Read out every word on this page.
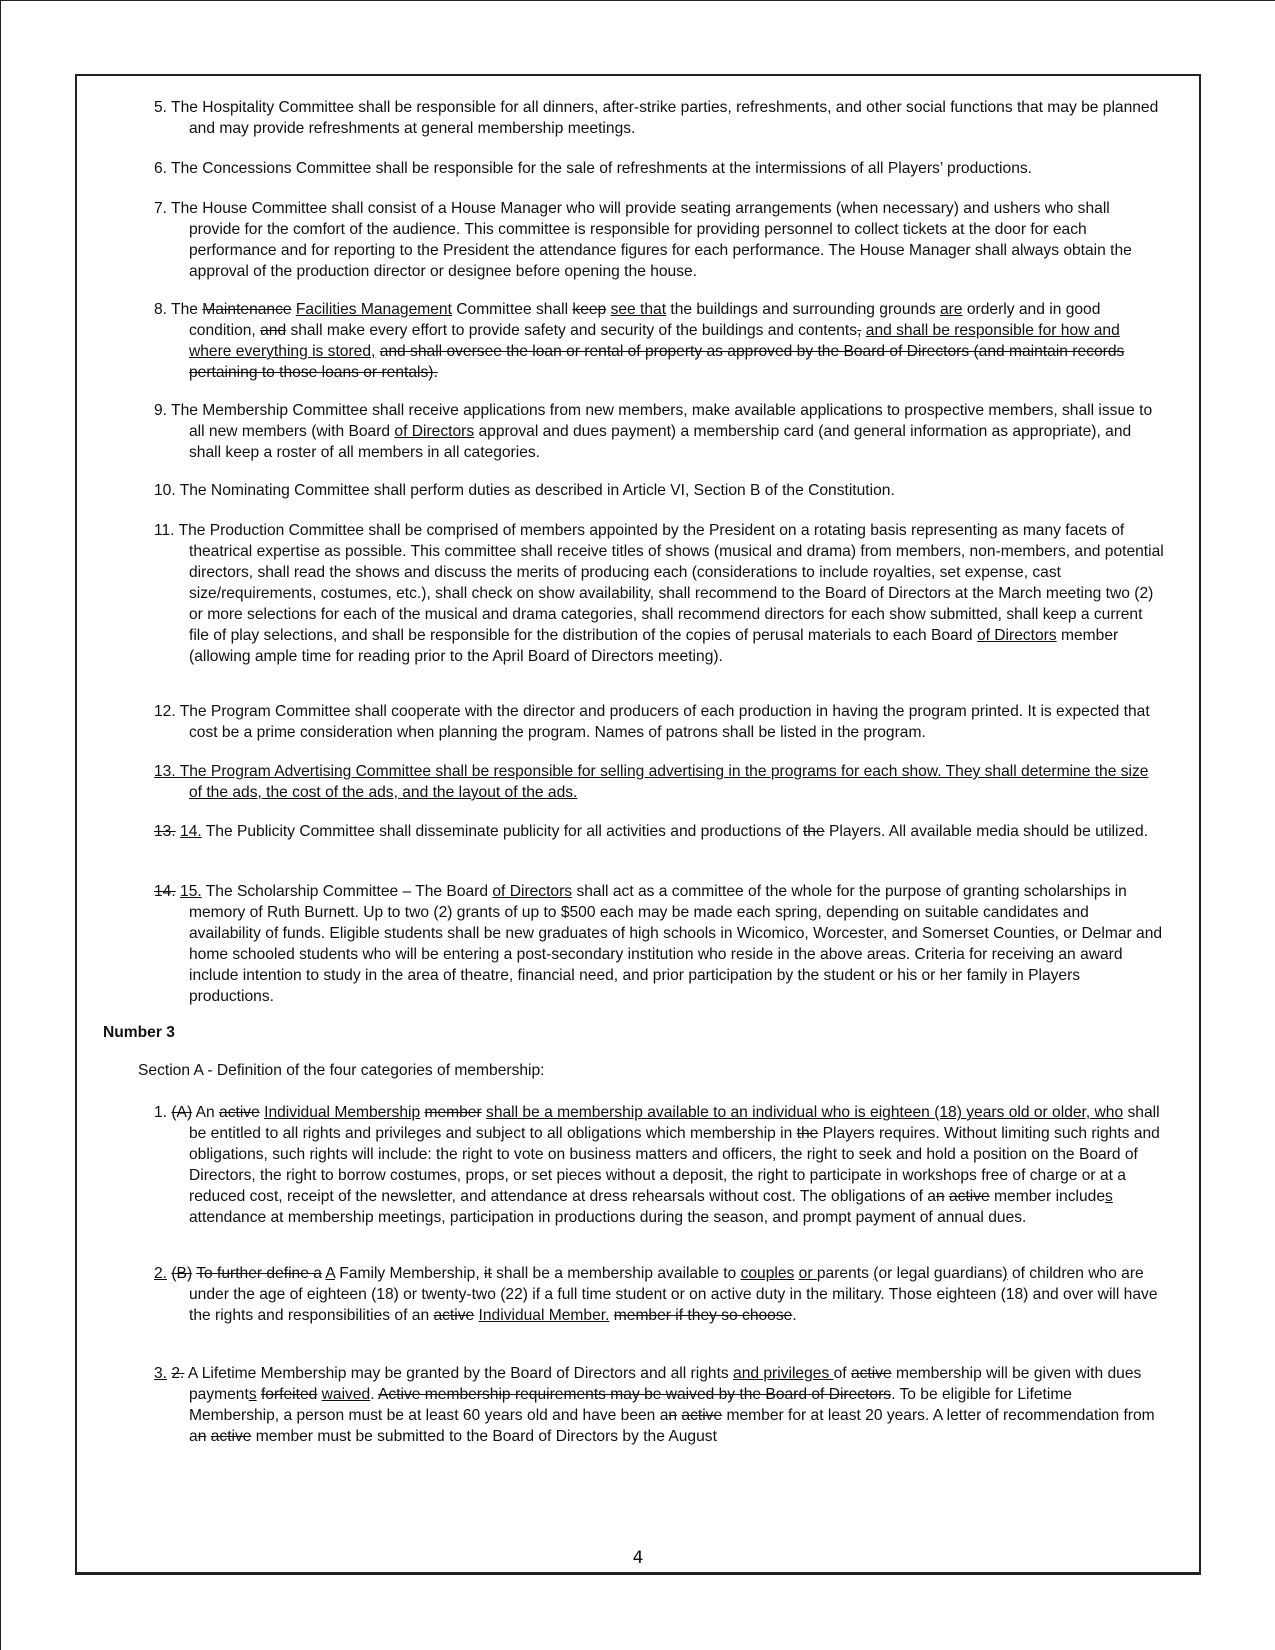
5. The Hospitality Committee shall be responsible for all dinners, after-strike parties, refreshments, and other social functions that may be planned and may provide refreshments at general membership meetings.
6. The Concessions Committee shall be responsible for the sale of refreshments at the intermissions of all Players’ productions.
7. The House Committee shall consist of a House Manager who will provide seating arrangements (when necessary) and ushers who shall provide for the comfort of the audience. This committee is responsible for providing personnel to collect tickets at the door for each performance and for reporting to the President the attendance figures for each performance. The House Manager shall always obtain the approval of the production director or designee before opening the house.
8. The Maintenance Facilities Management Committee shall keep see that the buildings and surrounding grounds are orderly and in good condition, and shall make every effort to provide safety and security of the buildings and contents, and shall be responsible for how and where everything is stored, and shall oversee the loan or rental of property as approved by the Board of Directors (and maintain records pertaining to those loans or rentals).
9. The Membership Committee shall receive applications from new members, make available applications to prospective members, shall issue to all new members (with Board of Directors approval and dues payment) a membership card (and general information as appropriate), and shall keep a roster of all members in all categories.
10. The Nominating Committee shall perform duties as described in Article VI, Section B of the Constitution.
11. The Production Committee shall be comprised of members appointed by the President on a rotating basis representing as many facets of theatrical expertise as possible. This committee shall receive titles of shows (musical and drama) from members, non-members, and potential directors, shall read the shows and discuss the merits of producing each (considerations to include royalties, set expense, cast size/requirements, costumes, etc.), shall check on show availability, shall recommend to the Board of Directors at the March meeting two (2) or more selections for each of the musical and drama categories, shall recommend directors for each show submitted, shall keep a current file of play selections, and shall be responsible for the distribution of the copies of perusal materials to each Board of Directors member (allowing ample time for reading prior to the April Board of Directors meeting).
12. The Program Committee shall cooperate with the director and producers of each production in having the program printed. It is expected that cost be a prime consideration when planning the program. Names of patrons shall be listed in the program.
13. The Program Advertising Committee shall be responsible for selling advertising in the programs for each show. They shall determine the size of the ads, the cost of the ads, and the layout of the ads.
13. 14. The Publicity Committee shall disseminate publicity for all activities and productions of the Players. All available media should be utilized.
14. 15. The Scholarship Committee – The Board of Directors shall act as a committee of the whole for the purpose of granting scholarships in memory of Ruth Burnett. Up to two (2) grants of up to $500 each may be made each spring, depending on suitable candidates and availability of funds. Eligible students shall be new graduates of high schools in Wicomico, Worcester, and Somerset Counties, or Delmar and home schooled students who will be entering a post-secondary institution who reside in the above areas. Criteria for receiving an award include intention to study in the area of theatre, financial need, and prior participation by the student or his or her family in Players productions.
Number 3
Section A - Definition of the four categories of membership:
1. (A) An active Individual Membership member shall be a membership available to an individual who is eighteen (18) years old or older, who shall be entitled to all rights and privileges and subject to all obligations which membership in the Players requires. Without limiting such rights and obligations, such rights will include: the right to vote on business matters and officers, the right to seek and hold a position on the Board of Directors, the right to borrow costumes, props, or set pieces without a deposit, the right to participate in workshops free of charge or at a reduced cost, receipt of the newsletter, and attendance at dress rehearsals without cost. The obligations of an active member includes attendance at membership meetings, participation in productions during the season, and prompt payment of annual dues.
2. (B) To further define a A Family Membership, it shall be a membership available to couples or parents (or legal guardians) of children who are under the age of eighteen (18) or twenty-two (22) if a full time student or on active duty in the military. Those eighteen (18) and over will have the rights and responsibilities of an active Individual Member. member if they so choose.
3. 2. A Lifetime Membership may be granted by the Board of Directors and all rights and privileges of active membership will be given with dues payments forfeited waived. Active membership requirements may be waived by the Board of Directors. To be eligible for Lifetime Membership, a person must be at least 60 years old and have been an active member for at least 20 years. A letter of recommendation from an active member must be submitted to the Board of Directors by the August
4
